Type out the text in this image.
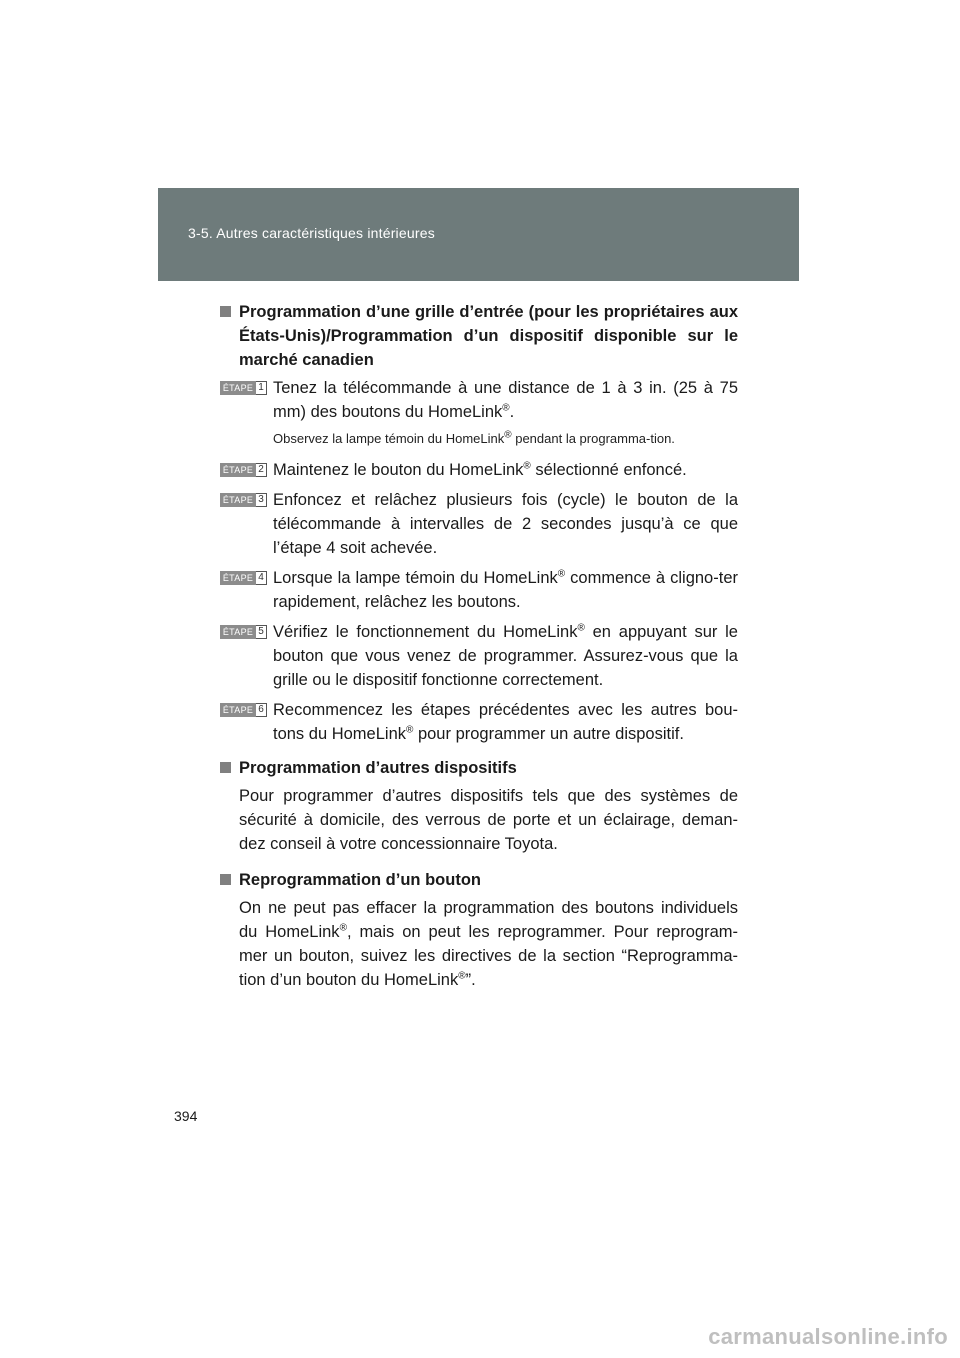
3-5. Autres caractéristiques intérieures
Programmation d’une grille d’entrée (pour les propriétaires aux États-Unis)/Programmation d’un dispositif disponible sur le marché canadien
ÉTAPE 1 Tenez la télécommande à une distance de 1 à 3 in. (25 à 75 mm) des boutons du HomeLink®.
Observez la lampe témoin du HomeLink® pendant la programma-tion.
ÉTAPE 2 Maintenez le bouton du HomeLink® sélectionné enfoncé.
ÉTAPE 3 Enfoncez et relâchez plusieurs fois (cycle) le bouton de la télécommande à intervalles de 2 secondes jusqu’à ce que l’étape 4 soit achevée.
ÉTAPE 4 Lorsque la lampe témoin du HomeLink® commence à cligno-ter rapidement, relâchez les boutons.
ÉTAPE 5 Vérifiez le fonctionnement du HomeLink® en appuyant sur le bouton que vous venez de programmer. Assurez-vous que la grille ou le dispositif fonctionne correctement.
ÉTAPE 6 Recommencez les étapes précédentes avec les autres bou-tons du HomeLink® pour programmer un autre dispositif.
Programmation d’autres dispositifs
Pour programmer d’autres dispositifs tels que des systèmes de sécurité à domicile, des verrous de porte et un éclairage, deman-dez conseil à votre concessionnaire Toyota.
Reprogrammation d’un bouton
On ne peut pas effacer la programmation des boutons individuels du HomeLink®, mais on peut les reprogrammer. Pour reprogram-mer un bouton, suivez les directives de la section “Reprogramma-tion d’un bouton du HomeLink®”.
394
carmanualsonline.info
